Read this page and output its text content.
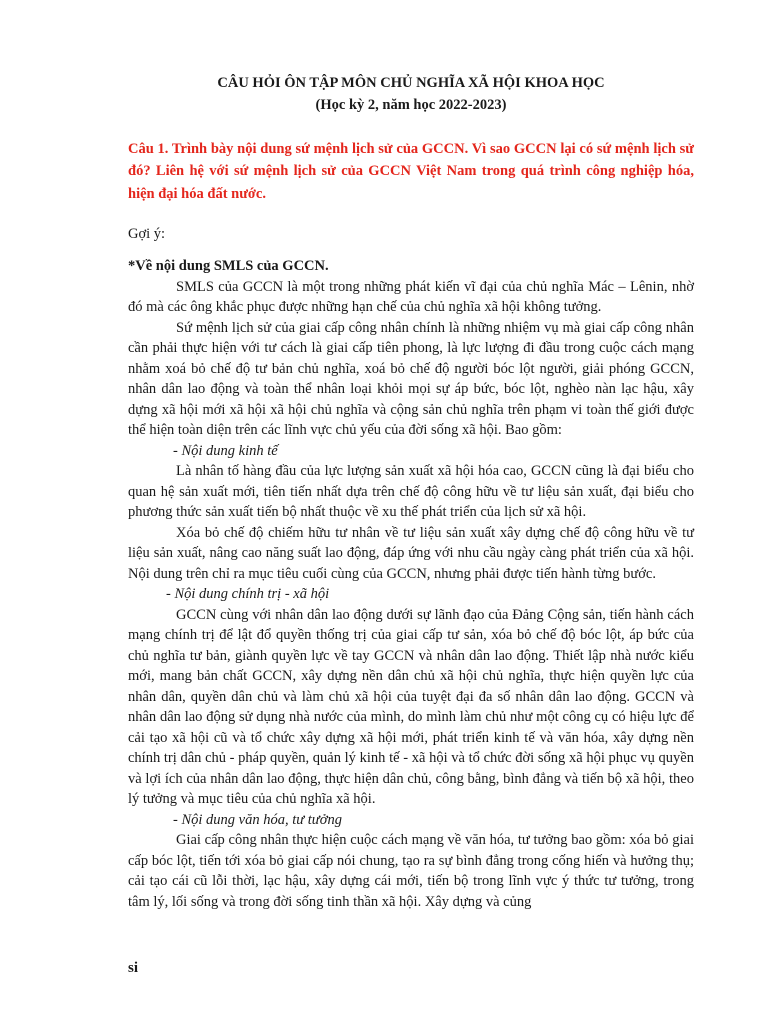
CÂU HỎI ÔN TẬP MÔN CHỦ NGHĨA XÃ HỘI KHOA HỌC

(Học kỳ 2, năm học 2022-2023)

Câu 1. Trình bày nội dung sứ mệnh lịch sử của GCCN. Vì sao GCCN lại có sứ mệnh lịch sử đó? Liên hệ với sứ mệnh lịch sử của GCCN Việt Nam trong quá trình công nghiệp hóa, hiện đại hóa đất nước.

Gợi ý:

*Về nội dung SMLS của GCCN.

SMLS của GCCN là một trong những phát kiến vĩ đại của chủ nghĩa Mác – Lênin, nhờ đó mà các ông khắc phục được những hạn chế của chủ nghĩa xã hội không tưởng.

Sứ mệnh lịch sử của giai cấp công nhân chính là những nhiệm vụ mà giai cấp công nhân cần phải thực hiện với tư cách là giai cấp tiên phong, là lực lượng đi đầu trong cuộc cách mạng nhằm xoá bỏ chế độ tư bản chủ nghĩa, xoá bỏ chế độ người bóc lột người, giải phóng GCCN, nhân dân lao động và toàn thể nhân loại khỏi mọi sự áp bức, bóc lột, nghèo nàn lạc hậu, xây dựng xã hội mới xã hội xã hội chủ nghĩa và cộng sản chủ nghĩa trên phạm vi toàn thế giới được thể hiện toàn diện trên các lĩnh vực chủ yếu của đời sống xã hội. Bao gồm:

- Nội dung kinh tế

Là nhân tố hàng đầu của lực lượng sản xuất xã hội hóa cao, GCCN cũng là đại biểu cho quan hệ sản xuất mới, tiên tiến nhất dựa trên chế độ công hữu về tư liệu sản xuất, đại biểu cho phương thức sản xuất tiến bộ nhất thuộc về xu thế phát triển của lịch sử xã hội.

Xóa bỏ chế độ chiếm hữu tư nhân về tư liệu sản xuất xây dựng chế độ công hữu về tư liệu sản xuất, nâng cao năng suất lao động, đáp ứng với nhu cầu ngày càng phát triển của xã hội. Nội dung trên chỉ ra mục tiêu cuối cùng của GCCN, nhưng phải được tiến hành từng bước.

- Nội dung chính trị - xã hội

GCCN cùng với nhân dân lao động dưới sự lãnh đạo của Đảng Cộng sản, tiến hành cách mạng chính trị để lật đổ quyền thống trị của giai cấp tư sản, xóa bỏ chế độ bóc lột, áp bức của chủ nghĩa tư bản, giành quyền lực về tay GCCN và nhân dân lao động. Thiết lập nhà nước kiểu mới, mang bản chất GCCN, xây dựng nền dân chủ xã hội chủ nghĩa, thực hiện quyền lực của nhân dân, quyền dân chủ và làm chủ xã hội của tuyệt đại đa số nhân dân lao động. GCCN và nhân dân lao động sử dụng nhà nước của mình, do mình làm chủ như một công cụ có hiệu lực để cải tạo xã hội cũ và tổ chức xây dựng xã hội mới, phát triển kinh tế và văn hóa, xây dựng nền chính trị dân chủ - pháp quyền, quản lý kinh tế - xã hội và tổ chức đời sống xã hội phục vụ quyền và lợi ích của nhân dân lao động, thực hiện dân chủ, công bằng, bình đẳng và tiến bộ xã hội, theo lý tưởng và mục tiêu của chủ nghĩa xã hội.

- Nội dung văn hóa, tư tưởng

Giai cấp công nhân thực hiện cuộc cách mạng về văn hóa, tư tưởng bao gồm: xóa bỏ giai cấp bóc lột, tiến tới xóa bỏ giai cấp nói chung, tạo ra sự bình đẳng trong cống hiến và hưởng thụ; cải tạo cái cũ lỗi thời, lạc hậu, xây dựng cái mới, tiến bộ trong lĩnh vực ý thức tư tưởng, trong tâm lý, lối sống và trong đời sống tinh thần xã hội. Xây dựng và củng

si
